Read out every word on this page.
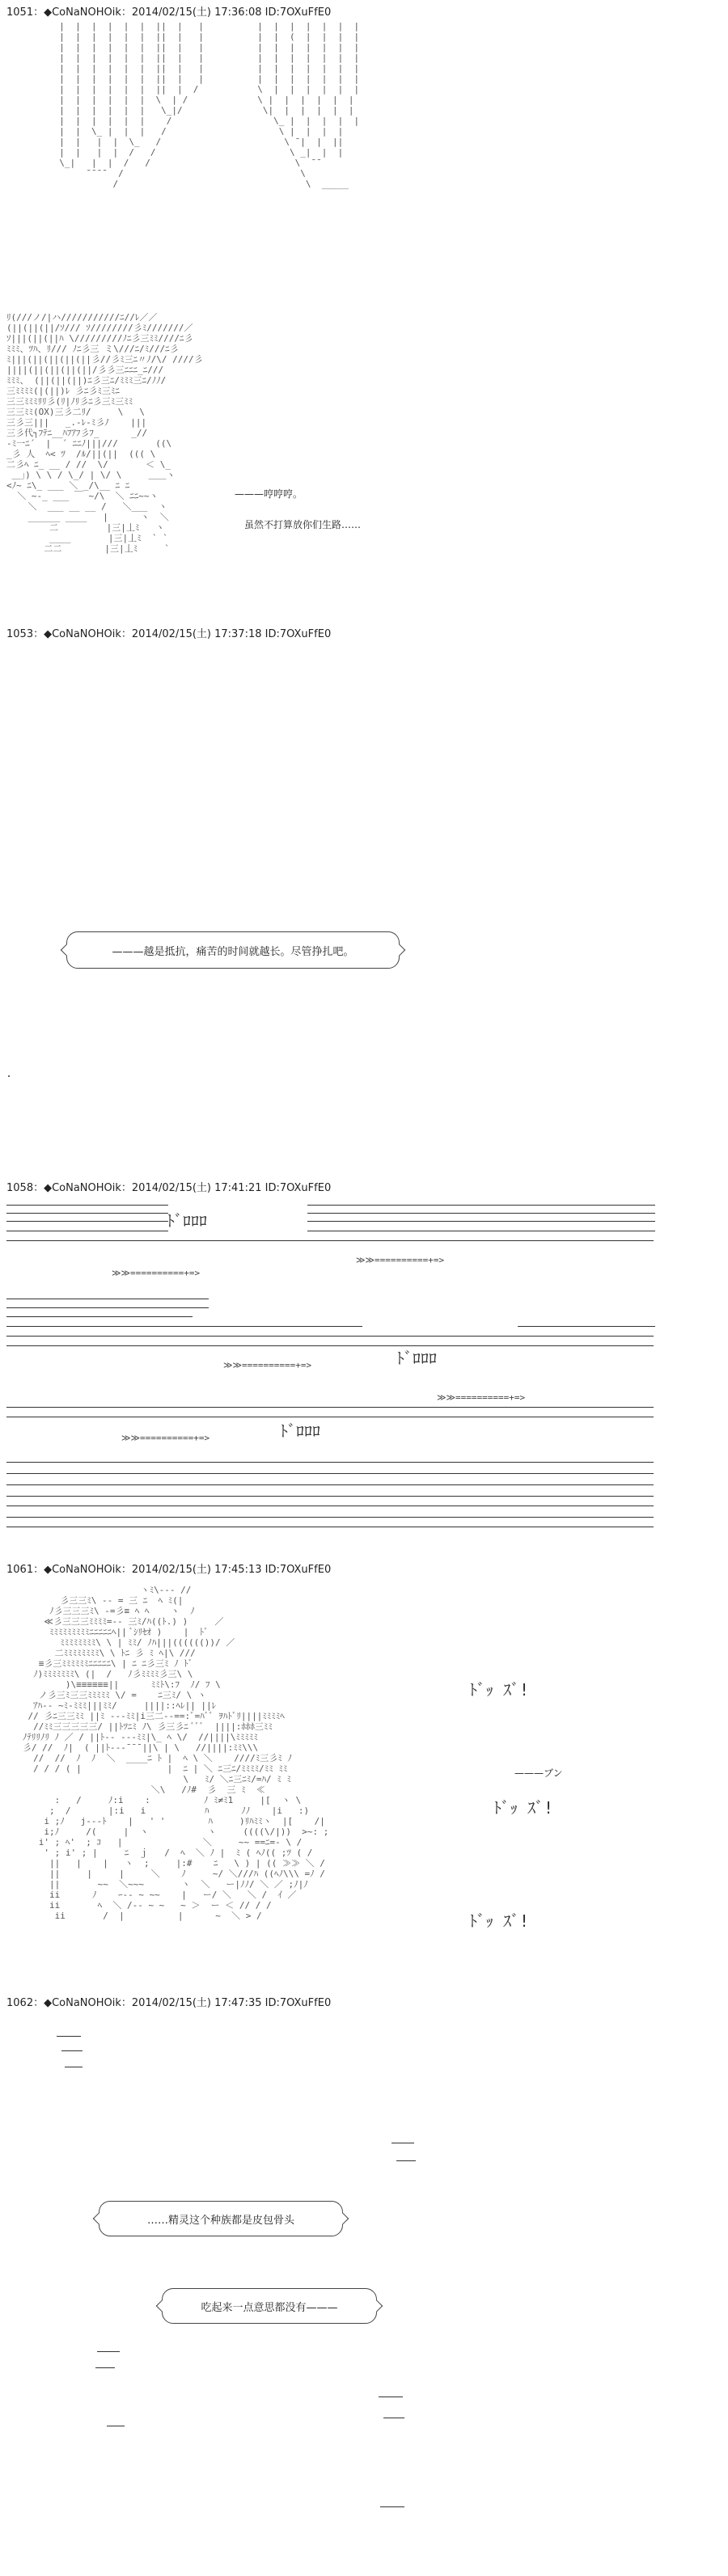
1051：◆CoNaNOHOik：2014/02/15(土) 17:36:08 ID:7OXuFfE0
|  |  |  |  |  |  ||  |   |          |  |  |  |  |  |  |
|  |  |  |  |  |  ||  |   |          |  |  (  |  |  |  |
|  |  |  |  |  |  ||  |   |          |  |  |  |  |  |  |
|  |  |  |  |  |  ||  |   |          |  |  |  |  |  |  |
|  |  |  |  |  |  ||  |   |          |  |  |  |  |  |  |
|  |  |  |  |  |  ||  |   |          |  |  |  |  |  |  |
|  |  |  |  |  |  ||  |  /           \  |  |  |  |  |  |
|  |  |  |  |  |  \  | /             \ |  |  |  |  |  |
|  |  |  |  |  |   \_|/               \|  |  |  |  |  |
|  |  |  |  |  |    /                   \_ |  |  |  |  |
|  |  \_ |  |  |   /                     \ |  |  |  |
|  |   |  |  \_   /                       \ ¯|  |  ||
|  |   |  |  /   /                         \ _|  |  |
\_|   |  |  /   /                           \  ¯¯
¯¯¯¯  /                                 \
/                                   \  _____
ﾘ(///ノ/|ハ///////////ﾆ//ﾚ／／
(||(||(||/ｿ/// ｿ////////彡ﾐ///////／
ｿ|||(||(||ﾊ \/////////ﾉﾆ彡三ﾐﾐ////ﾆ彡
ﾐﾐﾐ、ﾂﾊ、ﾘ/// ﾉﾆ彡三 ミ\///ﾆ/ﾐ///ﾆ彡
ﾐ|||(||(||(||(||彡//彡ﾐ三ﾆ〃ﾉ/\/ ////彡
||||(||(||(||(||/彡彡三ﾆﾆﾆ_ﾆ///
ﾐﾐﾐ、 (||(||(||)ﾆ彡三ﾆ/ﾐﾐﾐ三ﾆ/ﾉﾉ/
三ﾐﾐﾐﾐ(|(||)ﾚ 彡ﾆ彡ﾐ三ﾐﾆ
三三ﾐﾐﾐﾘﾘ彡(ﾘ|ﾉﾘ彡ﾆ彡三ﾐ三ﾐﾐ
三三ﾐﾐ(OX)三彡二ﾘ/     \   \
三彡三|||   _.-ﾚ-ﾐ彡ﾉ    |||
三彡代┐ﾌﾃﾆ__ﾊﾌｱﾌ彡ﾌ_      _//
-ﾐ一ﾆ´  |  ´ ﾆﾆﾉ|||///       ((\
_彡 人  ﾍ< ﾂ  /ﾙ/||(||  ((( \
二彡ﾍ ﾆ_ __ / //  \/       ＜ \_
＿｣) \ \ / \_/ | \/ \     ＿＿ヽ
<ﾉ~ ﾆ\_ ___ ＼ _/\__ ﾆ ﾆ
＼ ~-_ ___ ￣ ~/\  ＼ ﾆﾆ~~ヽ
＼  ___ __ __ /   ＼___  ヽ
______ ____   |      ヽ  ＼
二         |三|丄ﾐ   ヽ
____       |三|丄ﾐ  ` `
二二        |三|丄ﾐ     `
———哼哼哼。
虽然不打算放你们生路……
1053：◆CoNaNOHOik：2014/02/15(土) 17:37:18 ID:7OXuFfE0
———越是抵抗，痛苦的时间就越长。尽管挣扎吧。
1058：◆CoNaNOHOik：2014/02/15(土) 17:41:21 ID:7OXuFfE0
ﾄﾞﾛﾛﾛ
≫≫==========+=>
≫≫==========+=>
≫≫==========+=>	ﾄﾞﾛﾛﾛ
≫≫==========+=>
≫≫==========+=>	ﾄﾞﾛﾛﾛ
1061：◆CoNaNOHOik：2014/02/15(土) 17:45:13 ID:7OXuFfE0
ヽﾐ\--- //
彡三三ﾐ\ -- = 三 ﾆ  ﾍ ﾐ(|
ﾉ彡三三三ﾐ\ -=彡≡ ﾍ ﾍ    ヽ  ﾉ
≪彡三三三ﾐﾐﾐﾐ=-- 三ﾐ/ﾊ((ﾄ.) )     ／
ﾐﾐﾐﾐﾐﾐﾐﾐﾐﾆﾆﾆﾆﾆﾍ|| ﾞｼﾘｾｵ )    |  ﾄﾞ
ﾐﾐﾐﾐﾐﾐﾐﾐ\ \ | ﾐﾐ/ ﾉﾊ|||(((((())/ ／
二ﾐﾐﾐﾐﾐﾐﾐﾐ\ \ ﾄﾆ 彡 ﾐ ﾍ|\ ///
≡彡三ﾐﾐﾐﾐﾐﾐﾆﾆﾆﾆﾆ\ | ﾆ ﾆ彡三ﾐ ﾉ ﾄﾞ
ﾉ)ﾐﾐﾐﾐﾐﾐﾐ\ (|  /   ﾉ彡ﾐﾐﾐﾐ彡三\ \
)\≡≡≡≡≡≡||      ﾐﾐﾄ\:ﾌ  ﾉ/ ﾌ \
ノ彡三ﾐ三三ﾐﾐﾐﾐﾐ \/ =    ﾆ三ﾐ/ \ ヽ
ｱﾊ-- ~ﾐ-ﾐﾐﾐ|||ﾐﾐ/     ||||::ﾍﾚ|| ||ﾚ
// 彡ﾆ三三ﾐﾐ ||ﾐ ---ﾐﾐ|i三二--==:ﾞ=ﾊﾞﾞ ｦﾊﾄﾞﾘ||||ﾐﾐﾐﾐﾍ
//ﾐﾐ三三三三三/ ||ﾄﾂﾆﾐ ﾉ\ 彡三彡ﾆ ﾞﾞﾞ  ||||:ﾎﾎﾎ三ﾐﾐ
ﾉﾃﾘﾘﾉﾘ ﾉ ／ / ||ﾄ-- ---ﾐﾐ|\_ ﾍ \/  //||||\ﾐﾐﾐﾐﾐ
彡/ //  ﾉ|  ( ||ﾄ---¯¯¯||\ | \   //||||:ﾐﾐ\\\
//  //  ﾉ  ﾉ  ＼  ____ﾆ ﾄ |  ﾍ \ ＼    ////ﾐ三彡ﾐ ﾉ
/ / / ( |                |  ﾆ | ＼ ﾆ三ﾆ/ﾐﾐﾐﾐ/ﾐﾐ ﾐﾐ
\   ﾐ/ ＼ﾆ三ﾆﾐ/=ﾊ/ ﾐ ﾐ
＼\   /ﾉ#  彡  三 ﾐ  ≪
:   /     ﾉ:i    :          ﾉ ﾐ≠ﾐ1     |[  ヽ \
;  /       |:i   i           ﾊ      ﾉﾉ    |i   :)
i ;ﾉ   j---ﾄ    |   ' '        ﾊ     )ﾘﾊﾐﾐヽ  |[    /|
i;ﾉ     /(     |  ヽ           ヽ     ((((\/|))  >~: ;
i' ; ﾍ'  ; ｺ   |               ＼     ~~ ==ﾆ=- \ /
' ; i' ; |     ﾆ  ｊ   /  ﾍ  ＼ ﾉ |  ﾐ ( ﾍﾉ(( ;ﾂ ( /
||   |    |   ヽ  ;     |:#    ﾆ   \ ) | (( ≫≫ ＼ /
||     |     |     ＼    ﾉ     ~/ ＼///ﾊ ((ﾍﾉ\\\ =ﾉ /
||       ~~  ＼~~~       ヽ  ＼   ー|ﾉﾉ/ ＼ ／ ;ﾉ|ﾉ
ii      ﾉ    ｰ-- ~ ~~    |   ー/ ＼   ＼ /  ｲ ／
ii       ﾍ  ＼ /-- ~ ~   ~ ＞  ー ＜ // / /
ii       /  |          |      ~  ＼ > /
ﾄﾞｯ ｽﾞ!
———ブン
ﾄﾞｯ ｽﾞ!
ﾄﾞｯ ｽﾞ!
1062：◆CoNaNOHOik：2014/02/15(土) 17:47:35 ID:7OXuFfE0
……精灵这个种族都是皮包骨头
吃起来一点意思都没有———
